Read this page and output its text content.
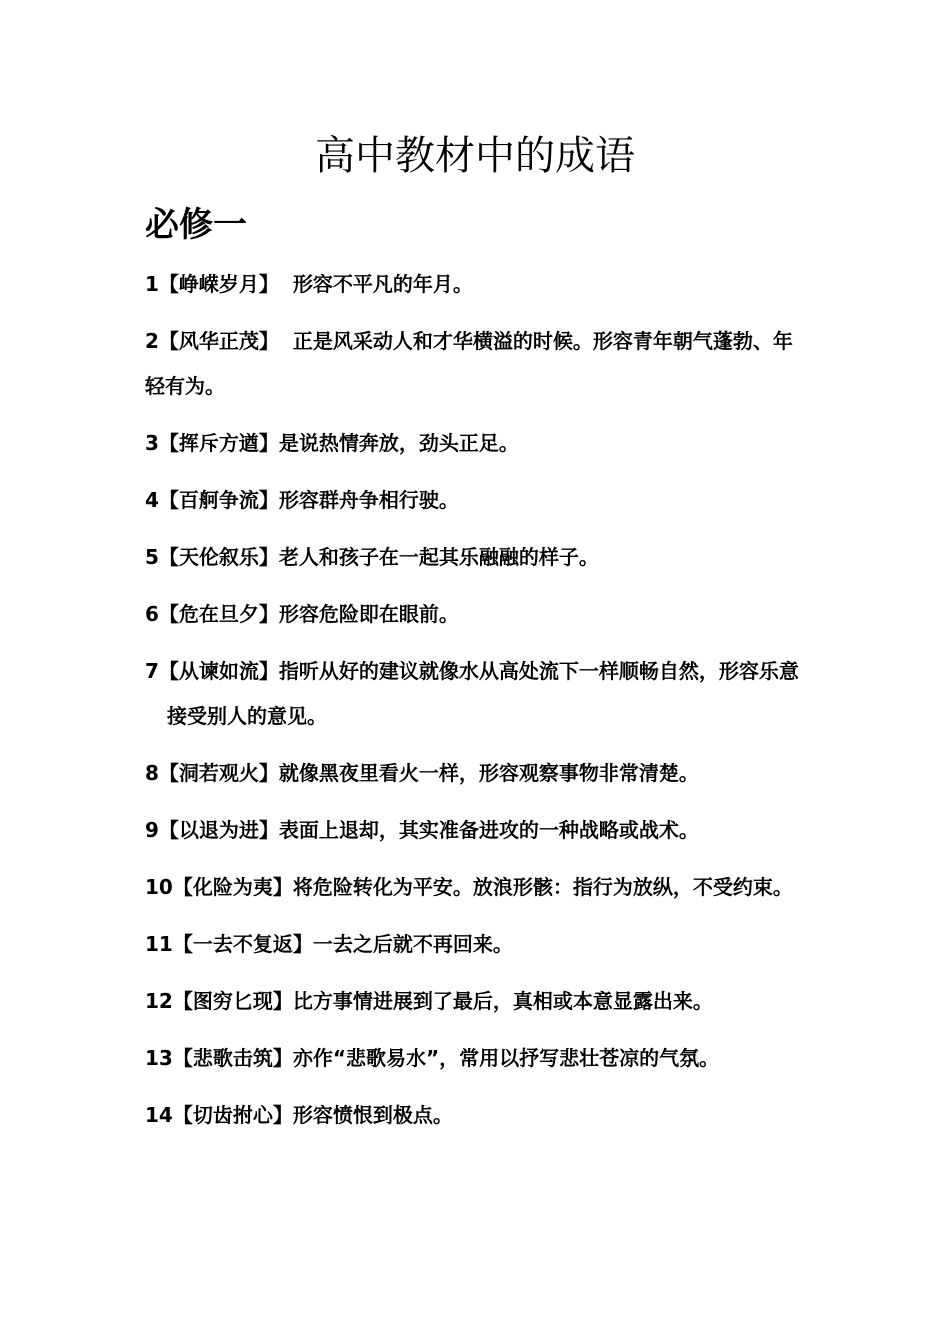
高中教材中的成语
必修一
1【峥嵘岁月】 形容不平凡的年月。
2【风华正茂】 正是风采动人和才华横溢的时候。形容青年朝气蓬勃、年轻有为。
3【挥斥方遒】是说热情奔放，劲头正足。
4【百舸争流】形容群舟争相行驶。
5【天伦叙乐】老人和孩子在一起其乐融融的样子。
6【危在旦夕】形容危险即在眼前。
7【从谏如流】指听从好的建议就像水从高处流下一样顺畅自然，形容乐意接受别人的意见。
8【洞若观火】就像黑夜里看火一样，形容观察事物非常清楚。
9【以退为进】表面上退却，其实准备进攻的一种战略或战术。
10【化险为夷】将危险转化为平安。放浪形骸：指行为放纵，不受约束。
11【一去不复返】一去之后就不再回来。
12【图穷匕现】比方事情进展到了最后，真相或本意显露出来。
13【悲歌击筑】亦作“悲歌易水”，常用以抒写悲壮苍凉的气氛。
14【切齿拊心】形容愤恨到极点。
